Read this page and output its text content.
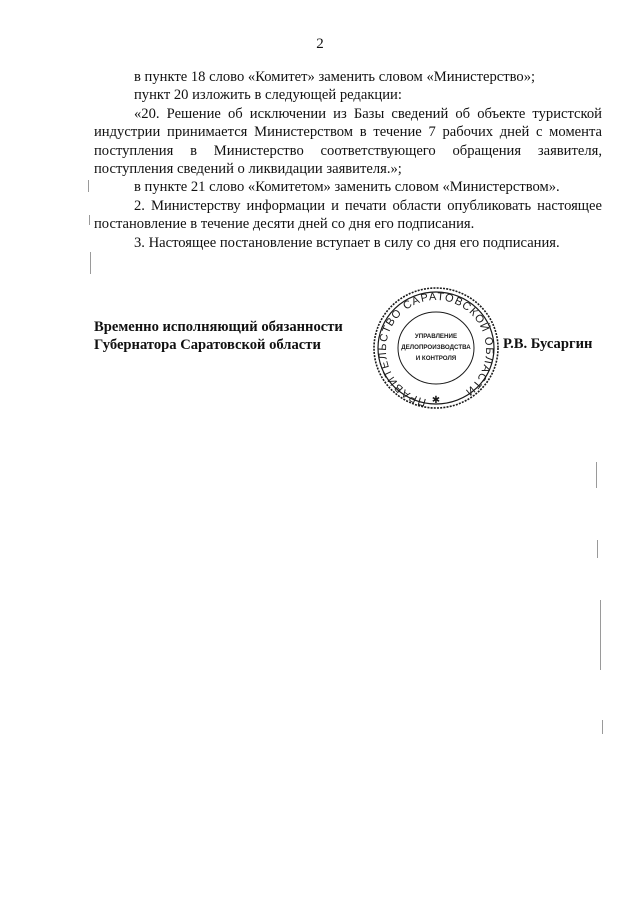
2

в пункте 18 слово «Комитет» заменить словом «Министерство»;

пункт 20 изложить в следующей редакции:

«20. Решение об исключении из Базы сведений об объекте туристской индустрии принимается Министерством в течение 7 рабочих дней с момента поступления в Министерство соответствующего обращения заявителя, поступления сведений о ликвидации заявителя.»;

в пункте 21 слово «Комитетом» заменить словом «Министерством».

2. Министерству информации и печати области опубликовать настоящее постановление в течение десяти дней со дня его подписания.

3. Настоящее постановление вступает в силу со дня его подписания.

Временно исполняющий обязанности
Губернатора Саратовской области
ПРАВИТЕЛЬСТВО САРАТОВСКОЙ ОБЛАСТИ
УПРАВЛЕНИЕ
ДЕЛОПРОИЗВОДСТВА
И КОНТРОЛЯ
✱
Р.В. Бусаргин
